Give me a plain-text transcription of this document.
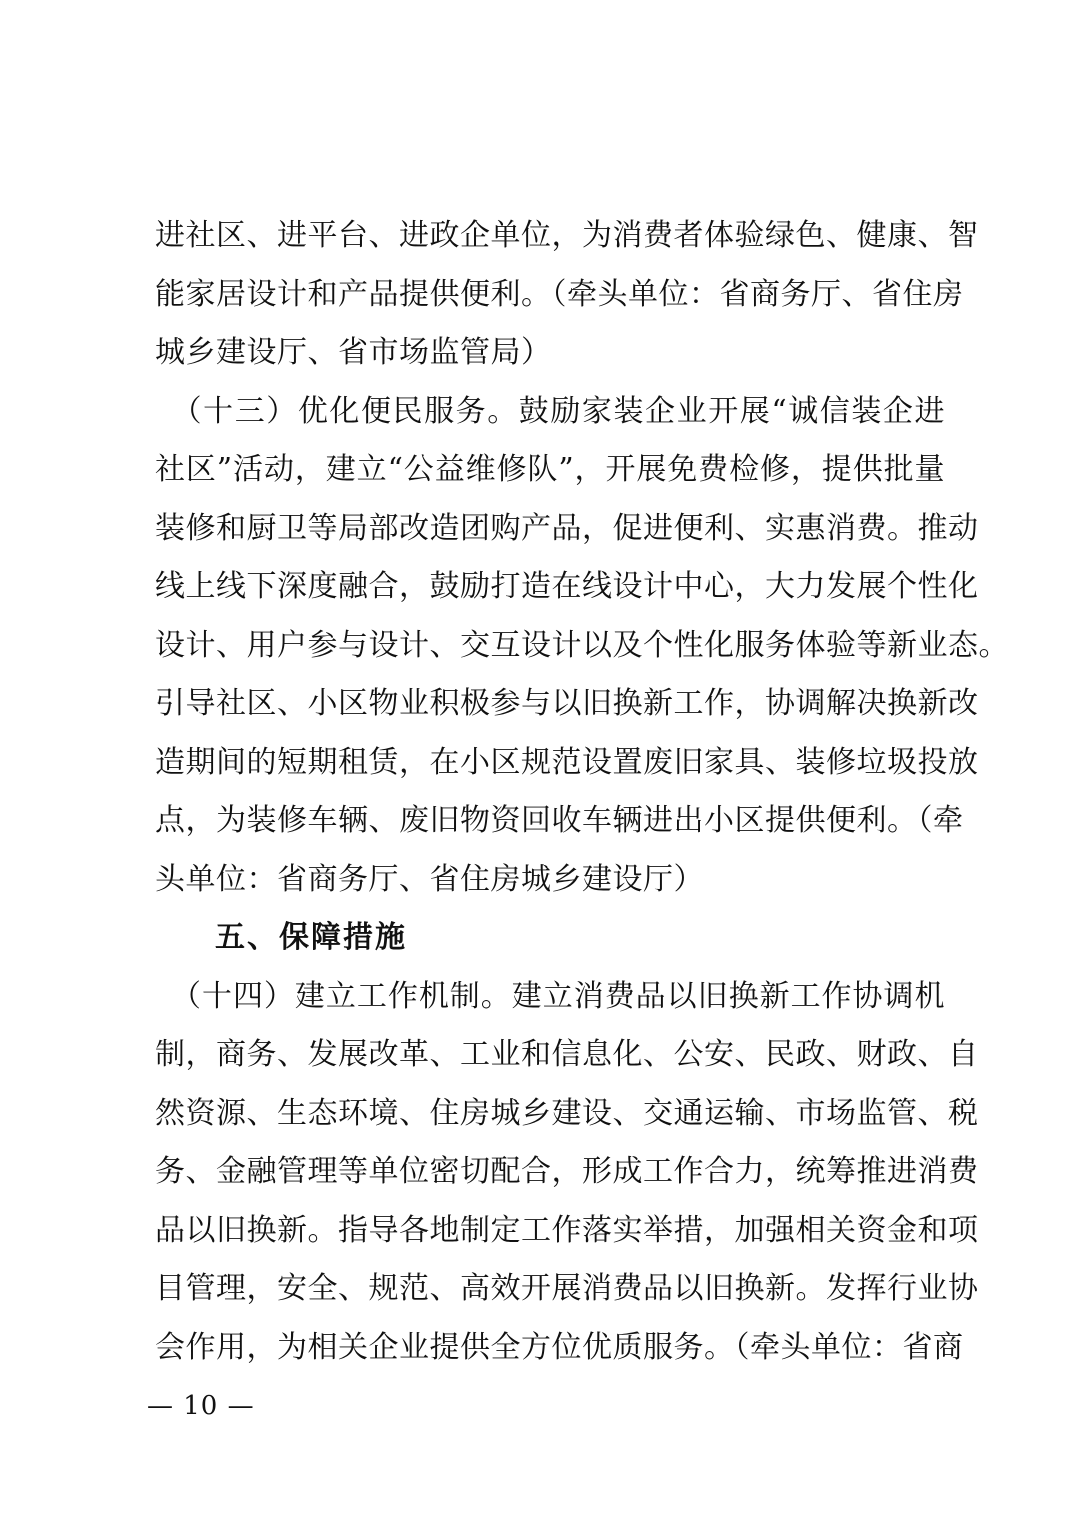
进社区、进平台、进政企单位，为消费者体验绿色、健康、智
能家居设计和产品提供便利。（牵头单位：省商务厅、省住房
城乡建设厅、省市场监管局）
　（十三）优化便民服务。鼓励家装企业开展“诚信装企进
社区”活动，建立“公益维修队”，开展免费检修，提供批量
装修和厨卫等局部改造团购产品，促进便利、实惠消费。推动
线上线下深度融合，鼓励打造在线设计中心，大力发展个性化
设计、用户参与设计、交互设计以及个性化服务体验等新业态。
引导社区、小区物业积极参与以旧换新工作，协调解决换新改
造期间的短期租赁，在小区规范设置废旧家具、装修垃圾投放
点，为装修车辆、废旧物资回收车辆进出小区提供便利。（牵
头单位：省商务厅、省住房城乡建设厅）
五、保障措施
　（十四）建立工作机制。建立消费品以旧换新工作协调机
制，商务、发展改革、工业和信息化、公安、民政、财政、自
然资源、生态环境、住房城乡建设、交通运输、市场监管、税
务、金融管理等单位密切配合，形成工作合力，统筹推进消费
品以旧换新。指导各地制定工作落实举措，加强相关资金和项
目管理，安全、规范、高效开展消费品以旧换新。发挥行业协
会作用，为相关企业提供全方位优质服务。（牵头单位：省商
— 10 —
